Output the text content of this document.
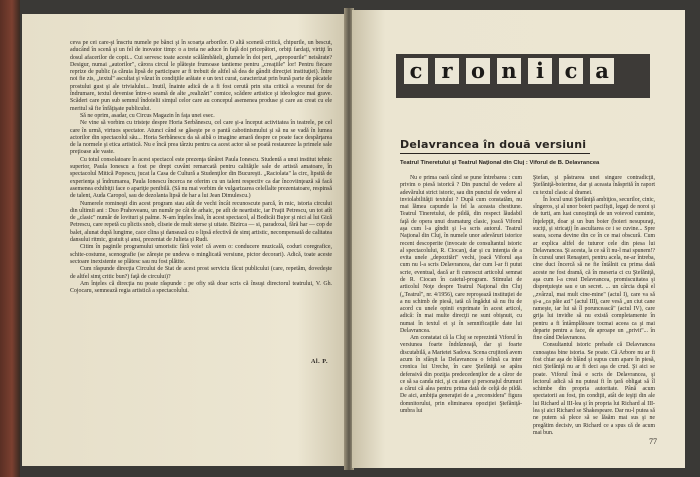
ceva pe cei care-şi înscriu numele pe bănci şi în scoarţa arborilor. O altă scenetă critică, chipurile, un bescut, aducând în scenă şi un fel de inovator timp: o a treia ne aduce în faţă doi pricepători, orbiţi fardaţi, virtiţi în dosul afacerilor de copii... Cui servesc toate aceste scălâmbăieli, glumele în doi peri, „apropourile" neisărate? Desigur, numai „autorilor", cărora circul le plăteşte frumoase tantieme pentru „creaţiile" lor! Pentru fiecare reprize de public (a căruia lipsă de participare ar fi trebuit de altfel să dea de gândit direcţiei instituţiei). Între noi fie zis, „textul" ascultat şi văzut în condiţiile arătate e un text curat, caracterizat prin bună parte de păcatele prostului gust şi ale trivialului... Inutil, înainte adică de a fi fost cerută prin sita critică a vreunui for de îndrumare, textul devenise între-o seamă de alte „realizări" comice, scădere artistice şi ideologice mai grave. Scăderi care pun sub semnul îndoielii simţul celor care au concepul asemenea produse şi care au creat cu ele meritul să fie înfăţişate publicului.

Să ne oprim, asadar, cu Circus Magazin în faţa unei esec.

Ne vine să vorbim cu tristeţe despre Horia Serbănescu, cel care şi-a început activitatea în teatrele, pe cel care în urmă, virtuos spectator. Atunci când se găseşte pe o pantă cabotinismului şi să nu se vadă în lumea actorilor din spectacolul său... Horia Serbănescu da să aibă o imagine amară despre ce poate face despărţarea de la normele şi etica artistică. Nu e încă prea târziu pentru ca acest actor să se poată restaureze la primele sale preţioase ale vaste.

Cu totul consolatoare în acest spectacol este prezenţa tânărei Paula Ionescu. Studentă a unui institut tehnic superior, Paula Ionescu a fost pe drept cuvânt remarcată pentru calităţile sale de artistă amatoare, în spectacolul Mitică Popescu, jucat la Casa de Cultură a Studenţilor din Bucureşti. „Raciolata" la circ, lipsită de experienţa şi îndrumarea, Paula Ionescu încerca ne oferim cu un talent respectiv ca dar încoviinţează să facă asemenea exhibiţii face o apariţie penibilă. (Să nu mai vorbim de vulgarizarea celellalte prezentatoare, respinsă de talent, Auda Caropol, sau de dezolanta lipsă de har a lui Jean Dimulescu.)

Numerele romineşti din acest program stau atât de vechi încât recunoscute parcă, în mic, istoria circului din ultimii ani : Duo Prahoveanu, un număr pe cât de arhaic, pe atît de neartistic, iar Fraţii Petrescu, un tot atît de „clasic" număr de lovituri şi palme. N-am înţeles însă, în acest spectacol, al Bodicăi Bujor şi nici al lui Gică Petrescu, care repetă cu plictis snob, cliseie de mult sterse şi uitate. Bizirca — si, paradoxal, fără har — cop de balet, alunat după lungime, cace clina şi dansează cu o lipsă efectivă de simţ artistic, necompensată de calitatea dansului ritmic, gratuit şi ansi, prezentat de Julieta şi Rudi.

Citim în paginile programului umoristic fără voie! că avem o: conducere muzicală, coduri coregrafice, schite-costume, scenografie (se zăreşte pe undeva o minglicată versiune, pictor decorari). Adică, toate aceste sectoare inexistente se plătesc sau nu fost plătite.

Cum răspunde direcţia Circului de Stat de acest prost serviciu făcut publicului (care, repetăm, dovedeşte de altfel simţ critic bun?) faţă de circului)?

Am înţeles că direcţia nu poate răspunde : pe ofiy stă doar scris că însuşi directorul teatrului, V. Gh. Cojocaru, semnează regia artistică a spectacolului.

Al. P.
c r o n i c a
Delavrancea în două versiuni
Teatrul Tineretului şi Teatrul Naţional din Cluj : Viforul de B. Delavrancea

Nu e prima oară când se pune întrebarea : cum privim o piesă istorică ? Din punctul de vedere al adevărului strict istoric, sau din punctul de vedere al inviolabilităţii textului ? După cum constatăm, nu mai lămea capunde la fel la aceasta chestiune. Teatrul Tineretului, de pildă, din respect lăudabil faţă de opera unui dramaturg clasic, joacă Viforul aşa cum l-a gîndit şi l-a scris autorul. Teatrul Naţional din Cluj, în numele unor adevăruri istorice recent descoperite (invocate de consultantul istoric al spectacolului, R. Ciocan), dar şi cu intenţia de a evita unele „depozitări" vechi, joacă Viforul aşa cum nu l-a scris Delavrancea, dar cum l-ar fi putut scrie, eventual, dacă ar fi cunoscut articolul semnat de R. Ciocan în caietul-program. Stimulat de articolul Noţe despre Teatrul Naţional din Cluj („Teatrul", nr. 4/1956), care reproşează instituţiei de a nu schimb de piesă, iată că îngădui să nu fiu de acord cu unele opinii exprimate în acest articol, adică: în mai multe direcţii ne sunt obişnuit, cu numai în textul ei şi în semnificaţiile date lui Delavrancea.

Am constatat că la Cluj se reprezintă Viforul în versiunea foarte îndrăzneaţă, dar şi foarte discutabilă, a Marietei Sadova. Scena crujitoră avem acum în sfârşit la Delavrancea o felină ca inter cronica lui Ureche, în care Ştefăniţă se apăra defensivă din poziţia predecedenţilor de a căror de ce să sa canda nici, şi cu atare şi personajul drumuri a cărui că alea pentru prima dată de celţă de pildă. De aici, ambiţia generaţiei de a „reconsidera" figura domnitorului, prin eliminarea opoziţiei Ştefăniţă-umbra lui

Ştefan, şi păstrarea unei singure contradicţii, Ştefăniţă-boierime, dar şi aceasta înăsprită în raport cu textul clasic al dramei.

În locul unui Ştefăniţă ambiţios, securilor, cinic, sîngeros, şi al unor boieri pacifişti, legaţi de noroi şi de turti, am luat cunoştinţă de un voievod cuminte, înţelepţit, doar şi un bun boier (boieri nesupuraţi, suciţi, şi stricaţi) în ascultarea ce i se cuvine... Spre seara, scena devine din ce în ce mai obscură. Cum ar explica altfel de tuturor cele din piesa lui Delavrancea. Şi acesta, la ce să îi nu-l mai spunem!? în cursul unei Renaşteri, pentru acela, ne-ar întreba, cine duci încercă să ne fie întâlnit cu prima dată aceste ne fost dramă, că în meseria ci cu Ştefăniţă, aşa cum l-a creat Delavrancea, promiscuitatea şi dispreţuieşte sau e un secret. ... un cârcia după el ,,zvârzul, mai mult cine-mine" (actul I), care va să şi-a „ca păie azi" (actul III), care vesă ,,un ciut cane rameşte, iar lui să îl poruncească" (actul IV), care grija lui invidie să nu există completamente în pentru a fi întâmplătoare tocmai aceea ca şi mai departe pentru a face, de aproape un „privit"... în fine când Delavrancea.

Consultantul istoric prebade că Delavrancea cunoaştea bine istoria. Se poate. Că Arbore nu ar fi fost chiar aşa de blând şi supus cum apare în piesă, nici Ştefăniţă nu ar fi deci aşa de crud. Şi aici se poate. Viforul însă e scris de Delavrancea, şi lectorul adică să nu puteai fi în ţară obligat să îl schimbe din propria autoritate. Până acum spectatorii au fost, ţin condiţii, atât de ieşiţi din ale lui Richard al III-lea şi în propria lui Richard al III-lea şi aici Richard se Shakespeare. Dar nu-l putea să ne putem să plece să se lăsăm mai sus şi ne pregătim decisiv, un Richard ce a spus că de acum mai bun.

77
